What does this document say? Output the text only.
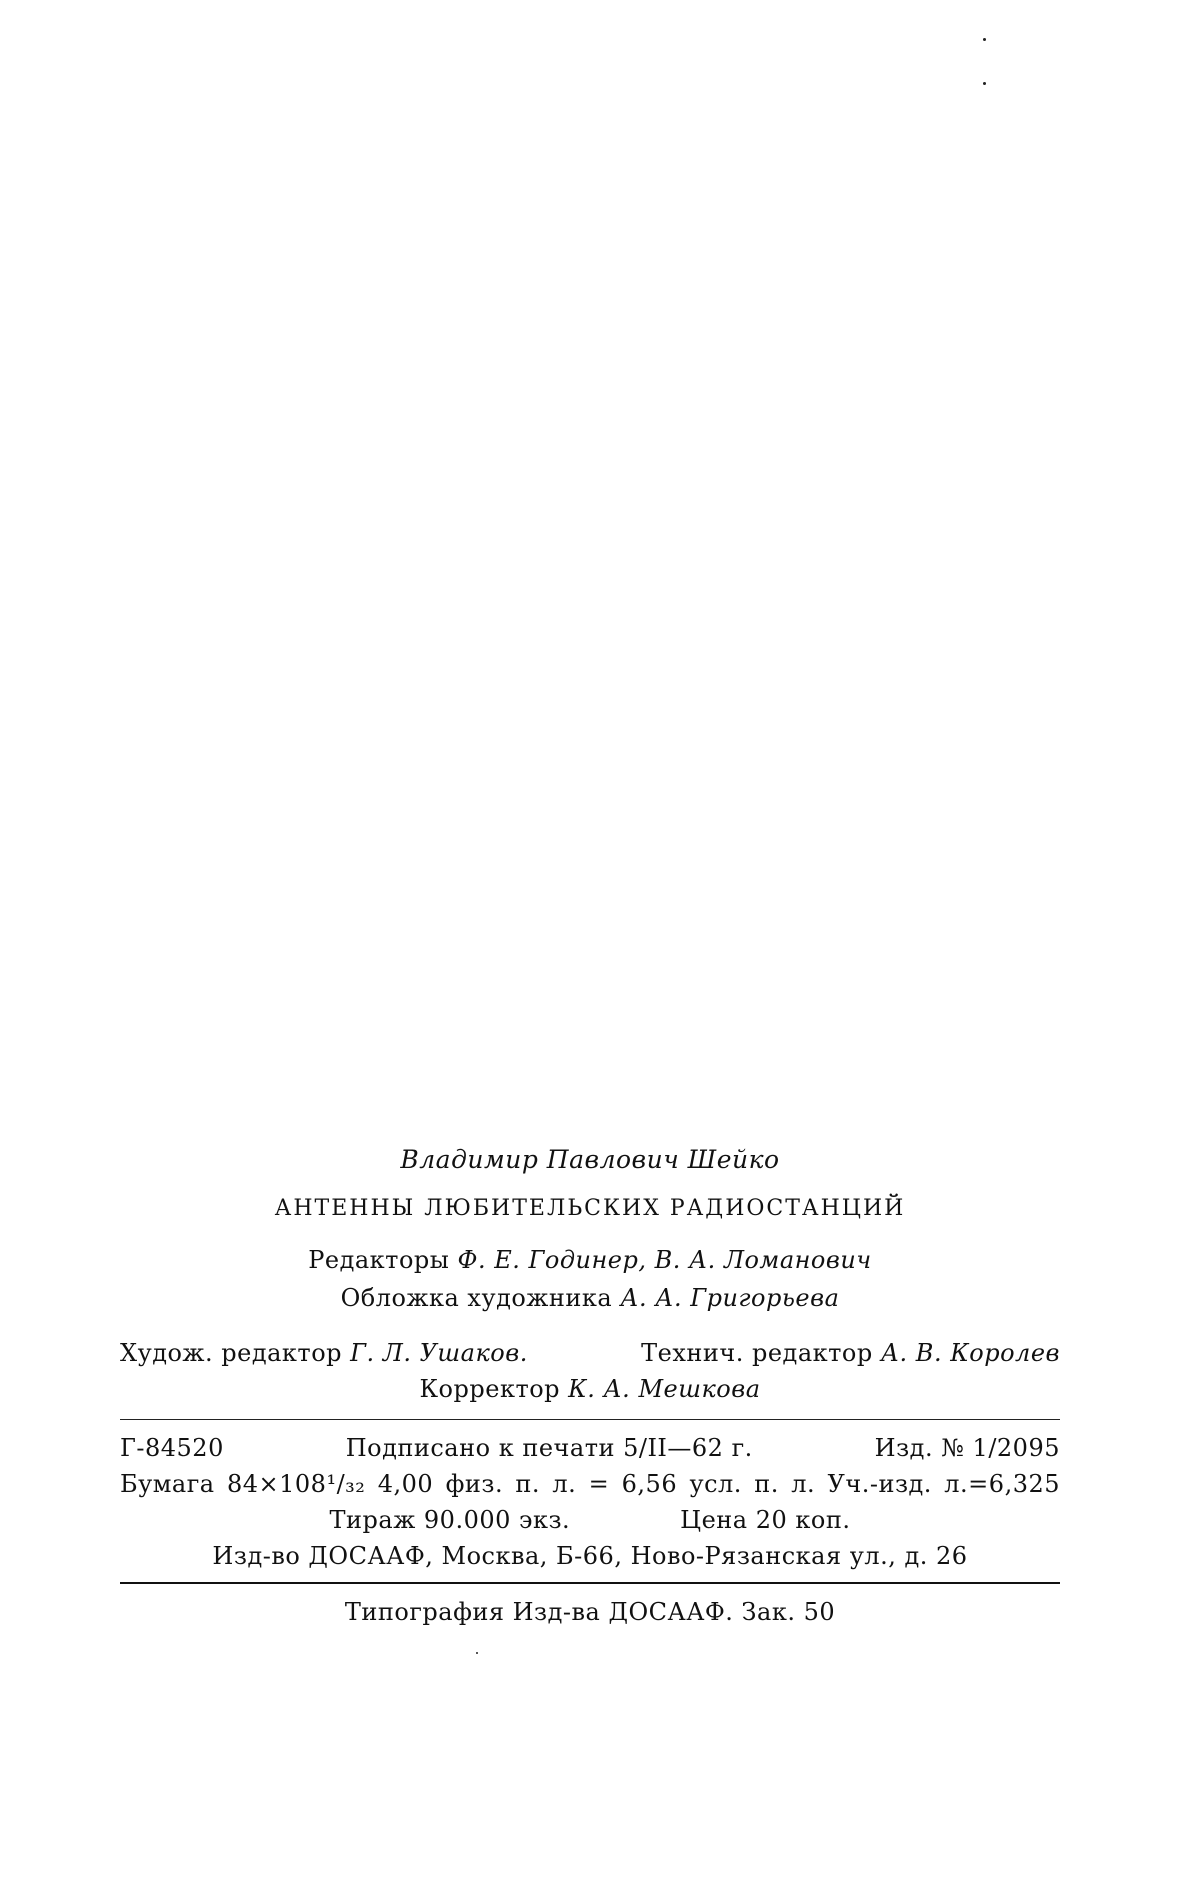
Владимир Павлович Шейко
АНТЕННЫ ЛЮБИТЕЛЬСКИХ РАДИОСТАНЦИЙ
Редакторы Ф. Е. Годинер, В. А. Ломанович
Обложка художника А. А. Григорьева
Худож. редактор Г. Л. Ушаков.	Технич. редактор А. В. Королев
Корректор К. А. Мешкова
Г-84520	Подписано к печати 5/II—62 г.	Изд. № 1/2095
Бумага 84×108¹/₃₂ 4,00 физ. п. л. = 6,56 усл. п. л. Уч.-изд. л.=6,325
Тираж 90.000 экз.	Цена 20 коп.
Изд-во ДОСААФ, Москва, Б-66, Ново-Рязанская ул., д. 26
Типография Изд-ва ДОСААФ. Зак. 50
